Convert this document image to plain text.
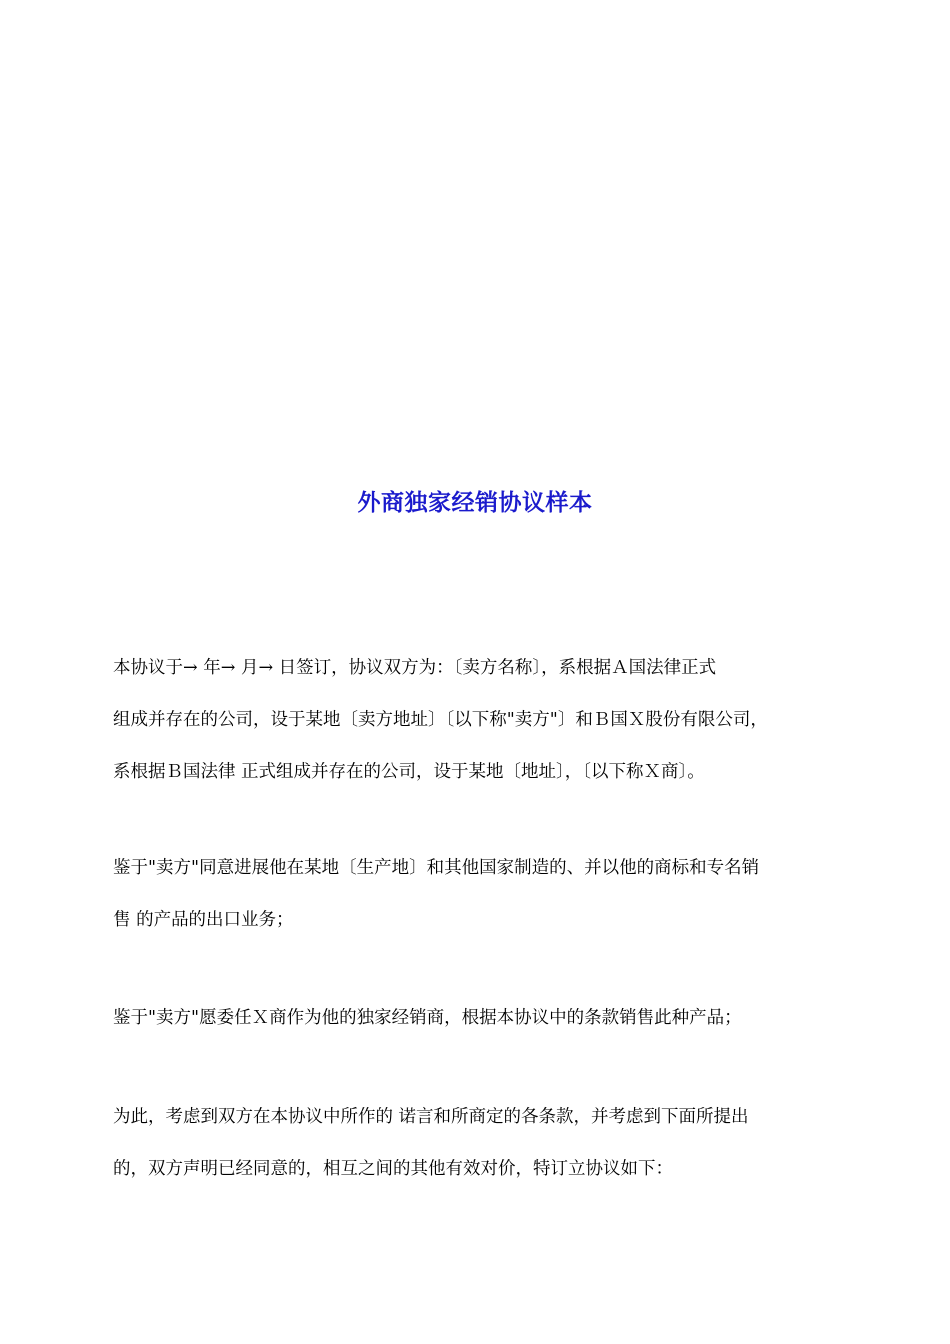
外商独家经销协议样本
本协议于→ 年→ 月→ 日签订，协议双方为：〔卖方名称〕，系根据Ａ国法律正式
组成并存在的公司，设于某地〔卖方地址〕〔以下称"卖方"〕和Ｂ国Ｘ股份有限公司，
系根据Ｂ国法律 正式组成并存在的公司，设于某地〔地址〕，〔以下称Ｘ商〕。
鉴于"卖方"同意进展他在某地〔生产地〕和其他国家制造的、并以他的商标和专名销
售 的产品的出口业务；
鉴于"卖方"愿委任Ｘ商作为他的独家经销商，根据本协议中的条款销售此种产品；
为此，考虑到双方在本协议中所作的 诺言和所商定的各条款，并考虑到下面所提出
的，双方声明已经同意的，相互之间的其他有效对价，特订立协议如下：
